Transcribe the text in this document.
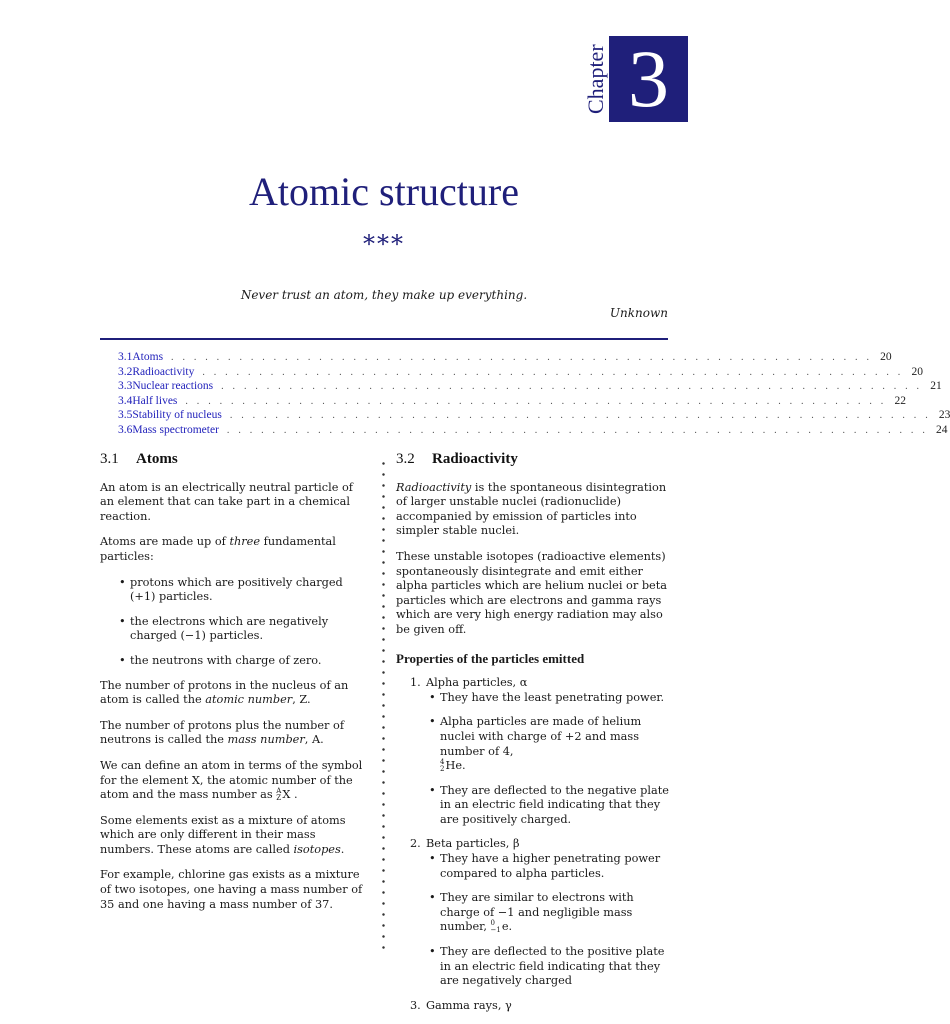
Chapter 3
Atomic structure
***
Never trust an atom, they make up everything.
Unknown
3.1 Atoms . . . . . . . . . . . . . . . . . . . . . . . . . . . . . . . . . . . . . . . . . . . . . . . . . . . . . . . . . . . . . . 20
3.2 Radioactivity . . . . . . . . . . . . . . . . . . . . . . . . . . . . . . . . . . . . . . . . . . . . . . . . . . . . . . . . . . . . . . 20
3.3 Nuclear reactions . . . . . . . . . . . . . . . . . . . . . . . . . . . . . . . . . . . . . . . . . . . . . . . . . . . . . . . . . . . . . . 21
3.4 Half lives . . . . . . . . . . . . . . . . . . . . . . . . . . . . . . . . . . . . . . . . . . . . . . . . . . . . . . . . . . . . . . 22
3.5 Stability of nucleus . . . . . . . . . . . . . . . . . . . . . . . . . . . . . . . . . . . . . . . . . . . . . . . . . . . . . . . . . . . . . . 23
3.6 Mass spectrometer . . . . . . . . . . . . . . . . . . . . . . . . . . . . . . . . . . . . . . . . . . . . . . . . . . . . . . . . . . . . . . 24
3.1 Atoms

An atom is an electrically neutral particle of an element that can take part in a chemical reaction.

Atoms are made up of three fundamental particles:

• protons which are positively charged (+1) particles.
• the electrons which are negatively charged (−1) particles.
• the neutrons with charge of zero.

The number of protons in the nucleus of an atom is called the atomic number, Z.

The number of protons plus the number of neutrons is called the mass number, A.

We can define an atom in terms of the symbol for the element X, the atomic number of the atom and the mass number as A
Z X .

Some elements exist as a mixture of atoms which are only different in their mass numbers. These atoms are called isotopes.

For example, chlorine gas exists as a mixture of two isotopes, one having a mass number of 35 and one having a mass number of 37.

3.2 Radioactivity

Radioactivity is the spontaneous disintegration of larger unstable nuclei (radionuclide) accompanied by emission of particles into simpler stable nuclei.

These unstable isotopes (radioactive elements) spontaneously disintegrate and emit either alpha particles which are helium nuclei or beta particles which are electrons and gamma rays which are very high energy radiation may also be given off.

Properties of the particles emitted
1. Alpha particles, α
• They have the least penetrating power.
• Alpha particles are made of helium nuclei with charge of +2 and mass number of 4,

4
2 He.
• They are deflected to the negative plate in an electric field indicating that they are positively charged.
2. Beta particles, β
• They have a higher penetrating power compared to alpha particles.
• They are similar to electrons with charge of −1 and negligible mass number, 0
−1 e.
• They are deflected to the positive plate in an electric field indicating that they are negatively charged
3. Gamma rays, γ
